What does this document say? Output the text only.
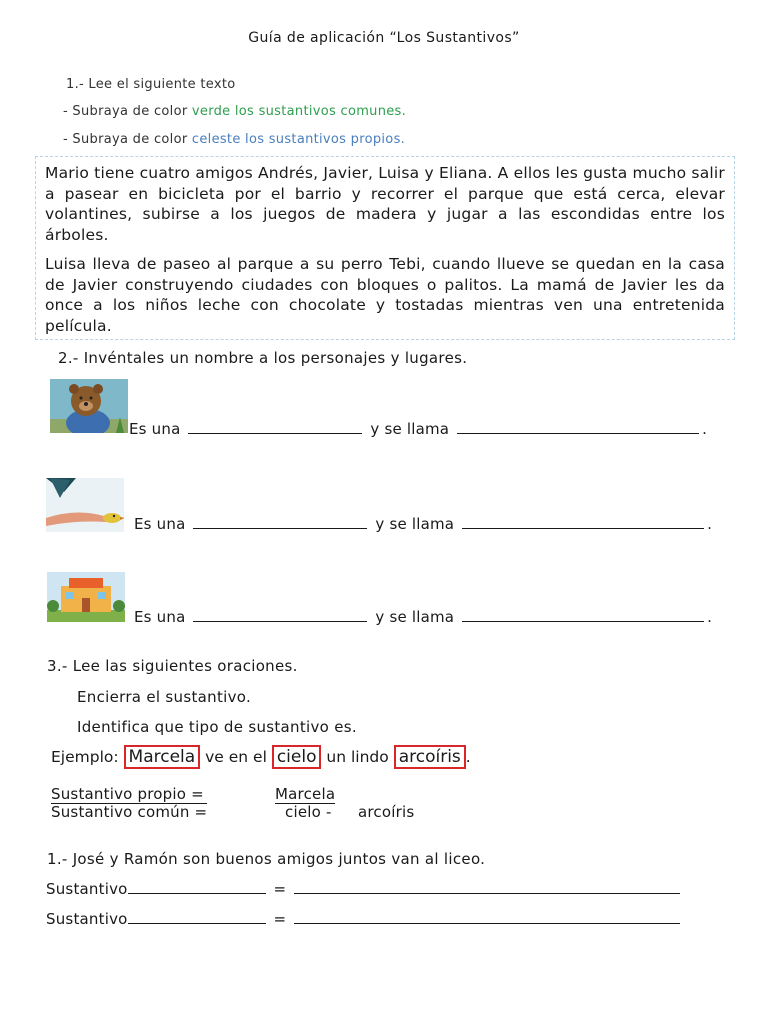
Guía de aplicación “Los Sustantivos”
1.- Lee el siguiente texto
- Subraya de color verde los sustantivos comunes.
- Subraya de color celeste los sustantivos propios.

Mario tiene cuatro amigos Andrés, Javier, Luisa y Eliana. A ellos les gusta mucho salir a pasear en bicicleta por el barrio y recorrer el parque que está cerca, elevar volantines, subirse a los juegos de madera y jugar a las escondidas entre los árboles.

Luisa lleva de paseo al parque a su perro Tebi, cuando llueve se quedan en la casa de Javier construyendo ciudades con bloques o palitos. La mamá de Javier les da once a los niños leche con chocolate y tostadas mientras ven una entretenida película.

2.- Invéntales un nombre a los personajes y lugares.
Es una	y se llama	.
Es una	y se llama	.
Es una	y se llama	.
3.- Lee las siguientes oraciones.
Encierra el sustantivo.
Identifica que tipo de sustantivo es.
Ejemplo: Marcela ve en el cielo un lindo arcoíris .
Sustantivo propio =	Marcela
Sustantivo común =	cielo - arcoíris
1.- José y Ramón son buenos amigos juntos van al liceo.
Sustantivo	=
Sustantivo	=
